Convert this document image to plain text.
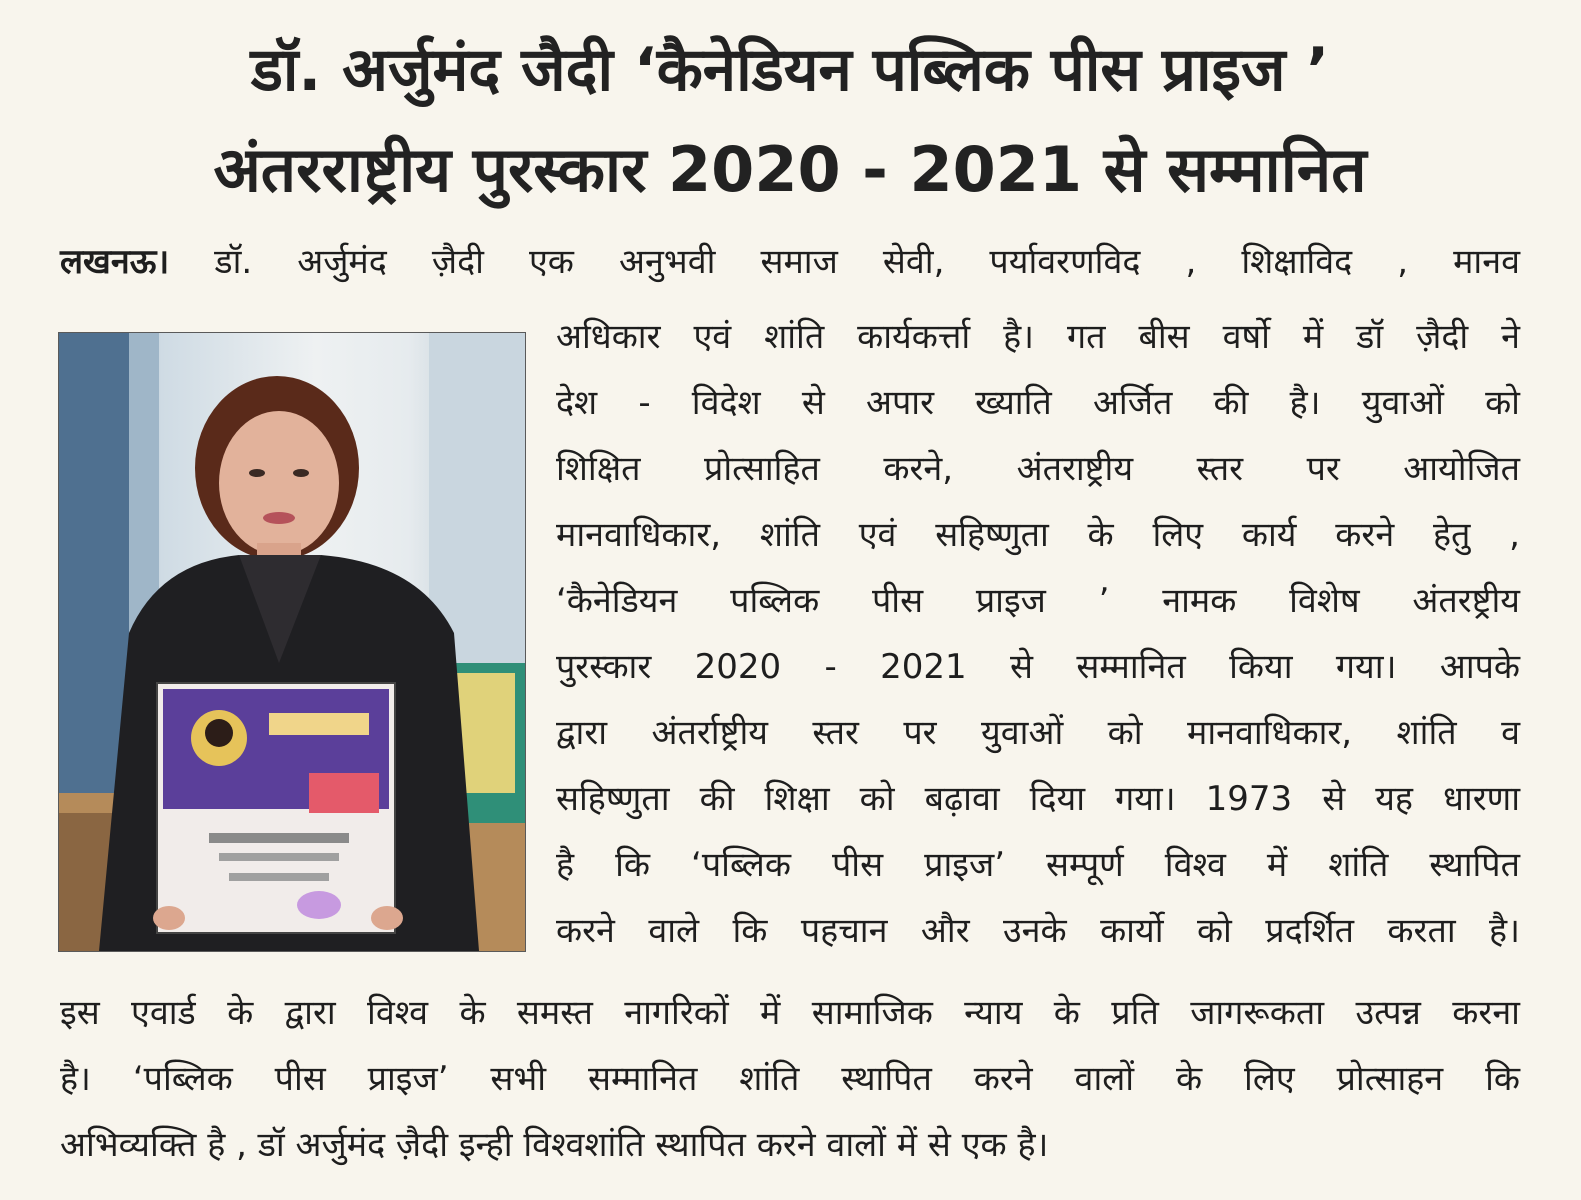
डॉ. अर्जुमंद जैदी ‘कैनेडियन पब्लिक पीस प्राइज ’
अंतरराष्ट्रीय पुरस्कार 2020 - 2021 से सम्मानित
लखनऊ। डॉ. अर्जुमंद ज़ैदी एक अनुभवी समाज सेवी, पर्यावरणविद , शिक्षाविद , मानव

अधिकार एवं शांति कार्यकर्त्ता है। गत बीस वर्षो में डॉ ज़ैदी ने

देश - विदेश से अपार ख्याति अर्जित की है। युवाओं को

शिक्षित प्रोत्साहित करने, अंतराष्ट्रीय स्तर पर आयोजित

मानवाधिकार, शांति एवं सहिष्णुता के लिए कार्य करने हेतु ,

‘कैनेडियन पब्लिक पीस प्राइज ’ नामक विशेष अंतरष्ट्रीय

पुरस्कार 2020 - 2021 से सम्मानित किया गया। आपके

द्वारा अंतर्राष्ट्रीय स्तर पर युवाओं को मानवाधिकार, शांति व

सहिष्णुता की शिक्षा को बढ़ावा दिया गया। 1973 से यह धारणा

है कि ‘पब्लिक पीस प्राइज’ सम्पूर्ण विश्व में शांति स्थापित

करने वाले कि पहचान और उनके कार्यो को प्रदर्शित करता है।

इस एवार्ड के द्वारा विश्व के समस्त नागरिकों में सामाजिक न्याय के प्रति जागरूकता उत्पन्न करना

है। ‘पब्लिक पीस प्राइज’ सभी सम्मानित शांति स्थापित करने वालों के लिए प्रोत्साहन कि

अभिव्यक्ति है , डॉ अर्जुमंद ज़ैदी इन्ही विश्वशांति स्थापित करने वालों में से एक है।
